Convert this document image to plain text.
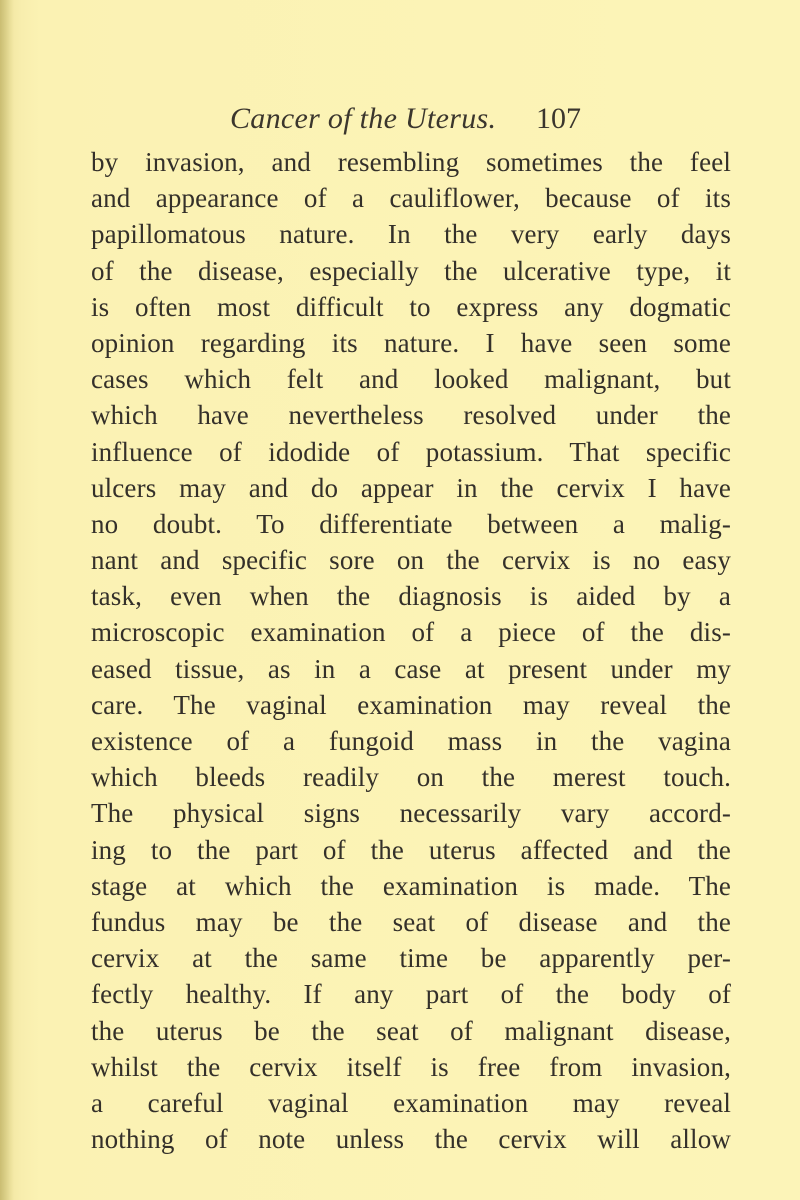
Cancer of the Uterus. 107
by invasion, and resembling sometimes the feel
and appearance of a cauliflower, because of its
papillomatous nature. In the very early days
of the disease, especially the ulcerative type, it
is often most difficult to express any dogmatic
opinion regarding its nature. I have seen some
cases which felt and looked malignant, but
which have nevertheless resolved under the
influence of idodide of potassium. That specific
ulcers may and do appear in the cervix I have
no doubt. To differentiate between a malig-
nant and specific sore on the cervix is no easy
task, even when the diagnosis is aided by a
microscopic examination of a piece of the dis-
eased tissue, as in a case at present under my
care. The vaginal examination may reveal the
existence of a fungoid mass in the vagina
which bleeds readily on the merest touch.
The physical signs necessarily vary accord-
ing to the part of the uterus affected and the
stage at which the examination is made. The
fundus may be the seat of disease and the
cervix at the same time be apparently per-
fectly healthy. If any part of the body of
the uterus be the seat of malignant disease,
whilst the cervix itself is free from invasion,
a careful vaginal examination may reveal
nothing of note unless the cervix will allow
